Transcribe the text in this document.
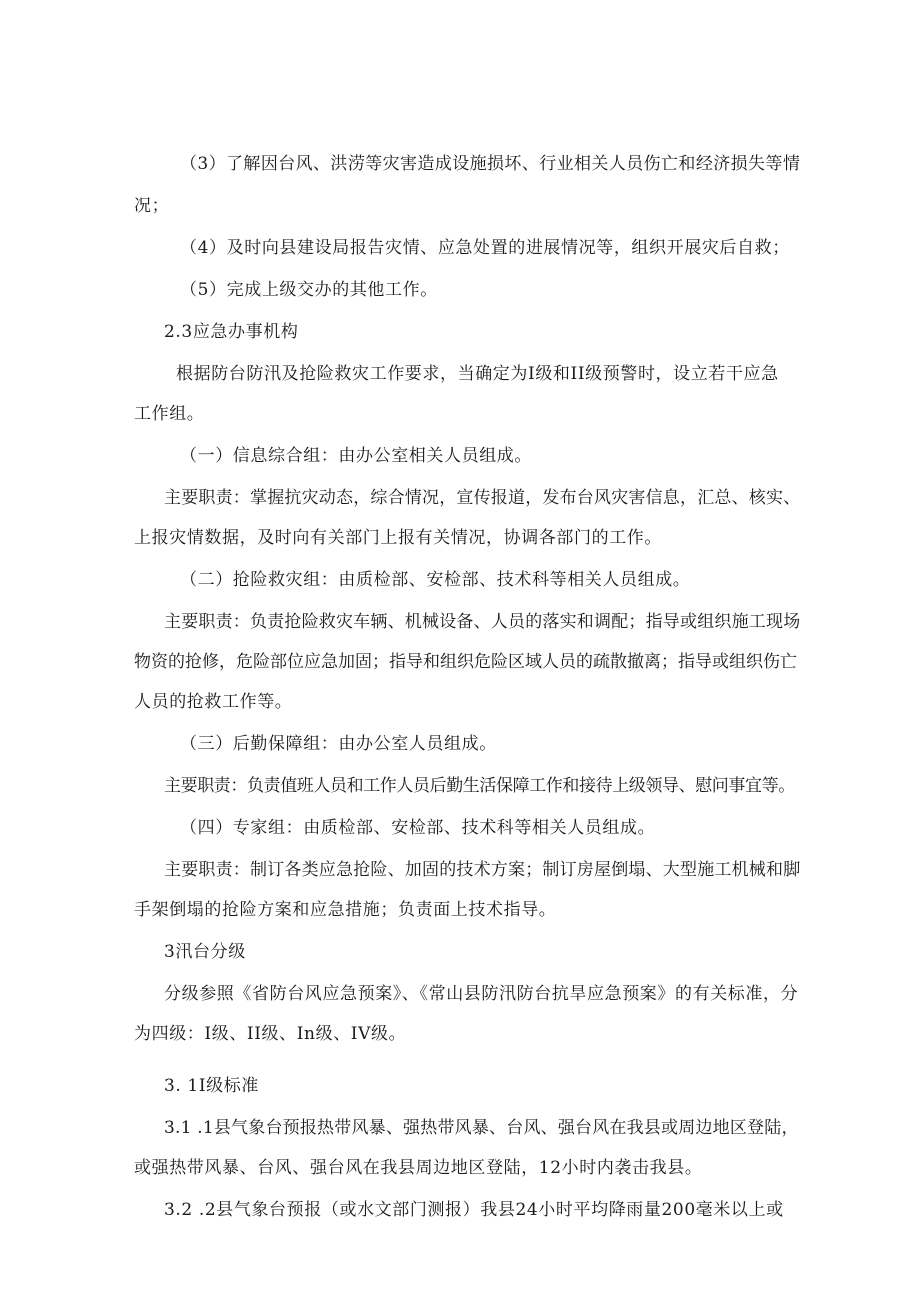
（3）了解因台风、洪涝等灾害造成设施损坏、行业相关人员伤亡和经济损失等情
况；
（4）及时向县建设局报告灾情、应急处置的进展情况等，组织开展灾后自救；
（5）完成上级交办的其他工作。
2.3应急办事机构
根据防台防汛及抢险救灾工作要求，当确定为I级和II级预警时，设立若干应急
工作组。
（一）信息综合组：由办公室相关人员组成。
主要职责：掌握抗灾动态，综合情况，宣传报道，发布台风灾害信息，汇总、核实、
上报灾情数据，及时向有关部门上报有关情况，协调各部门的工作。
（二）抢险救灾组：由质检部、安检部、技术科等相关人员组成。
主要职责：负责抢险救灾车辆、机械设备、人员的落实和调配；指导或组织施工现场
物资的抢修，危险部位应急加固；指导和组织危险区域人员的疏散撤离；指导或组织伤亡
人员的抢救工作等。
（三）后勤保障组：由办公室人员组成。
主要职责：负责值班人员和工作人员后勤生活保障工作和接待上级领导、慰问事宜等。
（四）专家组：由质检部、安检部、技术科等相关人员组成。
主要职责：制订各类应急抢险、加固的技术方案；制订房屋倒塌、大型施工机械和脚
手架倒塌的抢险方案和应急措施；负责面上技术指导。
3汛台分级
分级参照《省防台风应急预案》、《常山县防汛防台抗旱应急预案》的有关标准，分
为四级：I级、II级、In级、IV级。
3. 1I级标准
3.1 .1县气象台预报热带风暴、强热带风暴、台风、强台风在我县或周边地区登陆，
或强热带风暴、台风、强台风在我县周边地区登陆，12小时内袭击我县。
3.2 .2县气象台预报（或水文部门测报）我县24小时平均降雨量200毫米以上或
